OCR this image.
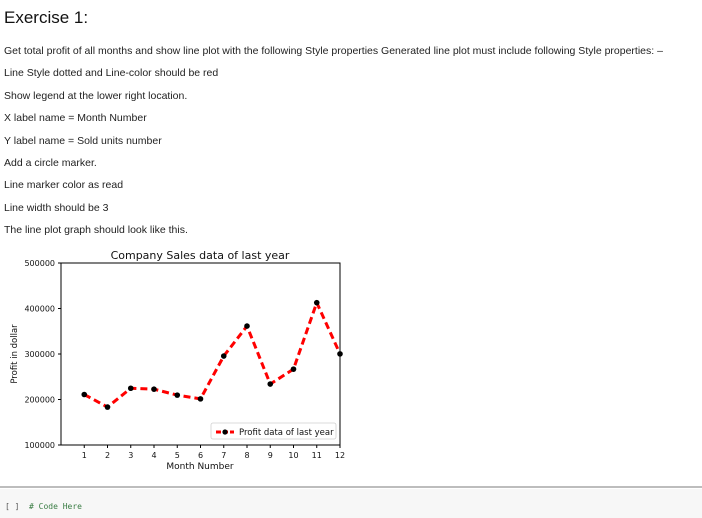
Exercise 1:
Get total profit of all months and show line plot with the following Style properties Generated line plot must include following Style properties: –
Line Style dotted and Line-color should be red
Show legend at the lower right location.
X label name = Month Number
Y label name = Sold units number
Add a circle marker.
Line marker color as read
Line width should be 3
The line plot graph should look like this.
Company Sales data of last year
100000
200000
300000
400000
500000
1 2 3 4 5 6 7 8 9 10 11 12
Month Number
Profit in dollar
Profit data of last year
[ ] # Code Here
